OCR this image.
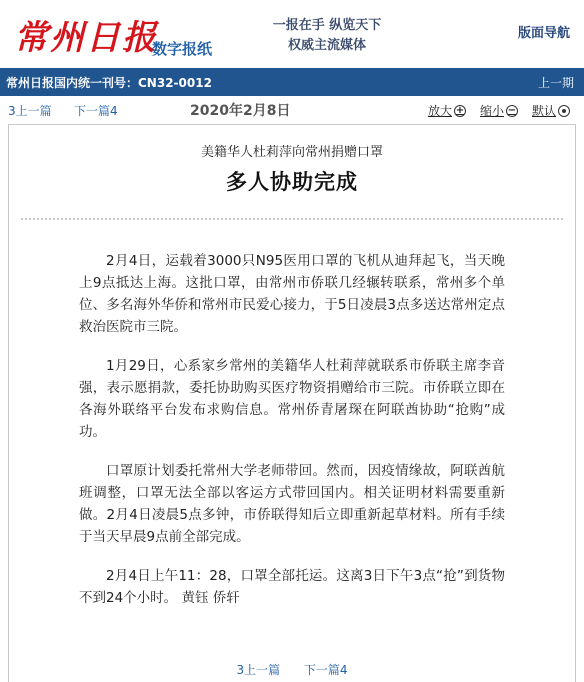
常州日报
数字报纸
一报在手 纵览天下
权威主流媒体
版面导航
常州日报国内统一刊号：CN32-0012	上一期
3上一篇 下一篇4	2020年2月8日	放大 + 缩小 − 默认
美籍华人杜莉萍向常州捐赠口罩
多人协助完成

2月4日，运载着3000只N95医用口罩的飞机从迪拜起飞，当天晚上9点抵达上海。这批口罩，由常州市侨联几经辗转联系，常州多个单位、多名海外华侨和常州市民爱心接力，于5日凌晨3点多送达常州定点救治医院市三院。

1月29日，心系家乡常州的美籍华人杜莉萍就联系市侨联主席李音强，表示愿捐款，委托协助购买医疗物资捐赠给市三院。市侨联立即在各海外联络平台发布求购信息。常州侨青屠琛在阿联酋协助“抢购”成功。

口罩原计划委托常州大学老师带回。然而，因疫情缘故，阿联酋航班调整，口罩无法全部以客运方式带回国内。相关证明材料需要重新做。2月4日凌晨5点多钟，市侨联得知后立即重新起草材料。所有手续于当天早晨9点前全部完成。

2月4日上午11：28，口罩全部托运。这离3日下午3点“抢”到货物不到24个小时。 黄钰 侨轩

3上一篇 下一篇4
